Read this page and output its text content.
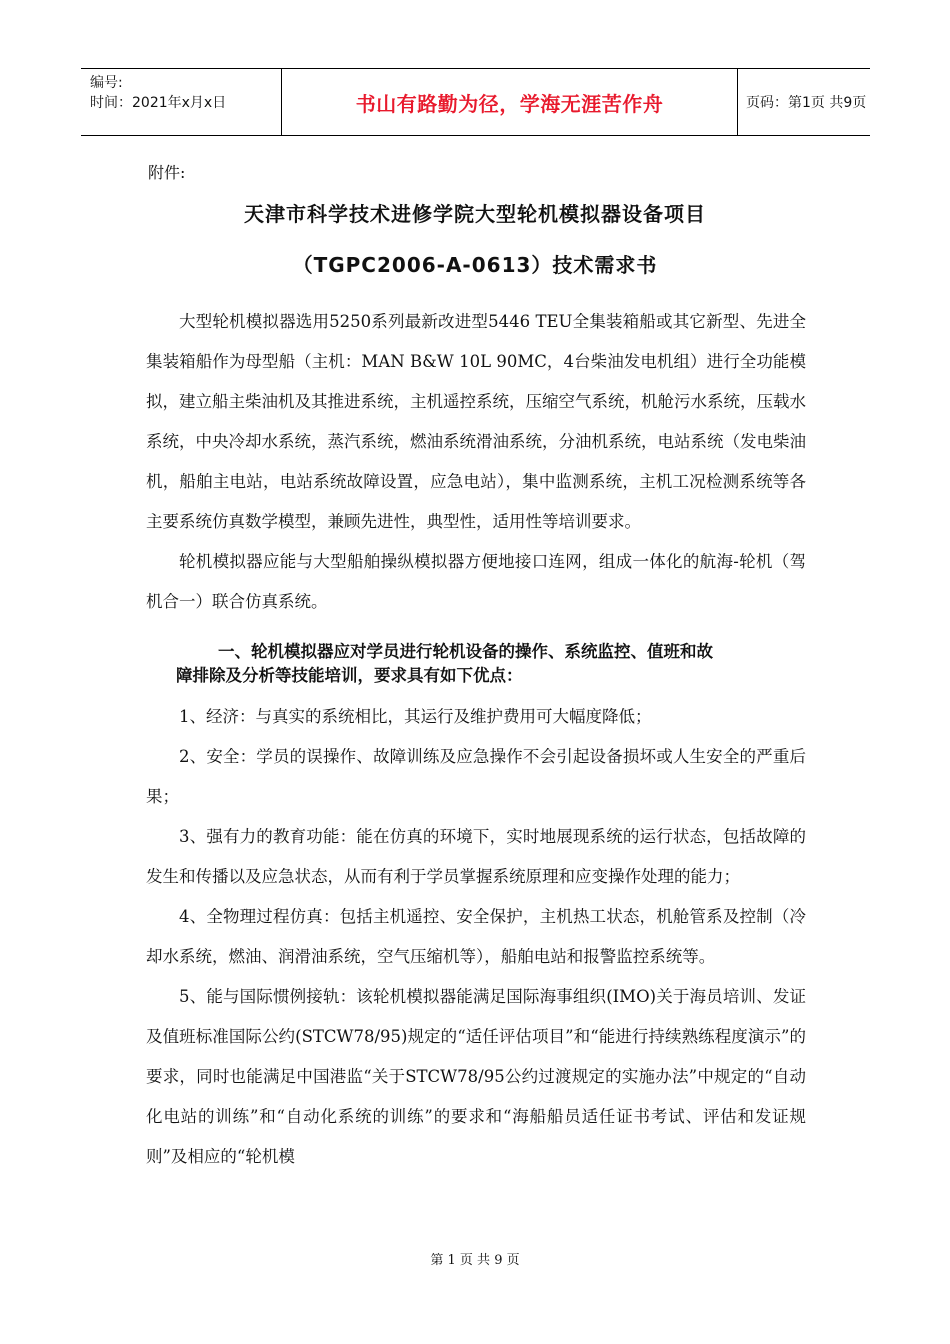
编号:
时间：2021年x月x日	书山有路勤为径，学海无涯苦作舟	页码：第1页 共9页
附件:
天津市科学技术进修学院大型轮机模拟器设备项目
（TGPC2006-A-0613）技术需求书

大型轮机模拟器选用5250系列最新改进型5446 TEU全集装箱船或其它新型、先进全集装箱船作为母型船（主机：MAN B&W 10L 90MC，4台柴油发电机组）进行全功能模拟，建立船主柴油机及其推进系统，主机遥控系统，压缩空气系统，机舱污水系统，压载水系统，中央冷却水系统，蒸汽系统，燃油系统滑油系统，分油机系统，电站系统（发电柴油机，船舶主电站，电站系统故障设置，应急电站），集中监测系统，主机工况检测系统等各主要系统仿真数学模型，兼顾先进性，典型性，适用性等培训要求。

轮机模拟器应能与大型船舶操纵模拟器方便地接口连网，组成一体化的航海-轮机（驾机合一）联合仿真系统。

一、轮机模拟器应对学员进行轮机设备的操作、系统监控、值班和故
障排除及分析等技能培训，要求具有如下优点：

1、经济：与真实的系统相比，其运行及维护费用可大幅度降低；

2、安全：学员的误操作、故障训练及应急操作不会引起设备损坏或人生安全的严重后果；

3、强有力的教育功能：能在仿真的环境下，实时地展现系统的运行状态，包括故障的发生和传播以及应急状态，从而有利于学员掌握系统原理和应变操作处理的能力；

4、全物理过程仿真：包括主机遥控、安全保护，主机热工状态，机舱管系及控制（冷却水系统，燃油、润滑油系统，空气压缩机等），船舶电站和报警监控系统等。

5、能与国际惯例接轨：该轮机模拟器能满足国际海事组织(IMO)关于海员培训、发证及值班标准国际公约(STCW78/95)规定的“适任评估项目”和“能进行持续熟练程度演示”的要求，同时也能满足中国港监“关于STCW78/95公约过渡规定的实施办法”中规定的“自动化电站的训练”和“自动化系统的训练”的要求和“海船船员适任证书考试、评估和发证规则”及相应的“轮机模

第 1 页 共 9 页
